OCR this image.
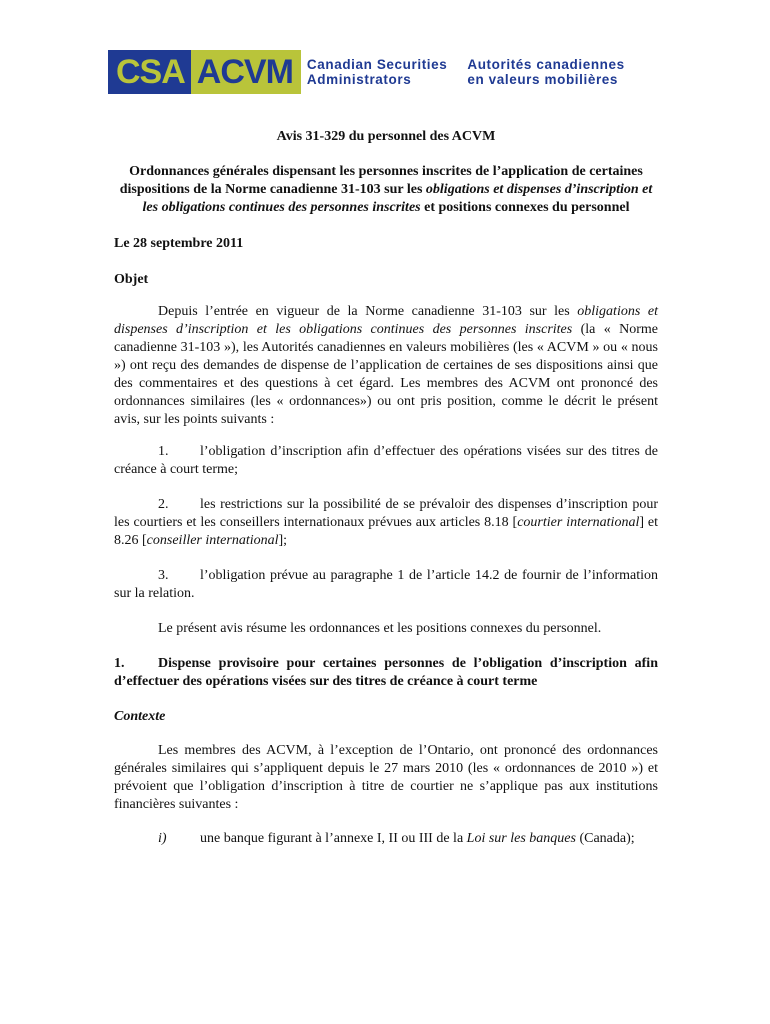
CSA ACVM	Canadian Securities
Administrators
Autorités canadiennes
en valeurs mobilières

Avis 31-329 du personnel des ACVM

Ordonnances générales dispensant les personnes inscrites de l’application de certaines dispositions de la Norme canadienne 31-103 sur les obligations et dispenses d’inscription et les obligations continues des personnes inscrites et positions connexes du personnel

Le 28 septembre 2011

Objet

Depuis l’entrée en vigueur de la Norme canadienne 31-103 sur les obligations et dispenses d’inscription et les obligations continues des personnes inscrites (la « Norme canadienne 31-103 »), les Autorités canadiennes en valeurs mobilières (les « ACVM » ou « nous ») ont reçu des demandes de dispense de l’application de certaines de ses dispositions ainsi que des commentaires et des questions à cet égard. Les membres des ACVM ont prononcé des ordonnances similaires (les « ordonnances») ou ont pris position, comme le décrit le présent avis, sur les points suivants :

1. l’obligation d’inscription afin d’effectuer des opérations visées sur des titres de créance à court terme;

2. les restrictions sur la possibilité de se prévaloir des dispenses d’inscription pour les courtiers et les conseillers internationaux prévues aux articles 8.18 [courtier international] et 8.26 [conseiller international];

3. l’obligation prévue au paragraphe 1 de l’article 14.2 de fournir de l’information sur la relation.

Le présent avis résume les ordonnances et les positions connexes du personnel.

1. Dispense provisoire pour certaines personnes de l’obligation d’inscription afin d’effectuer des opérations visées sur des titres de créance à court terme

Contexte

Les membres des ACVM, à l’exception de l’Ontario, ont prononcé des ordonnances générales similaires qui s’appliquent depuis le 27 mars 2010 (les « ordonnances de 2010 ») et prévoient que l’obligation d’inscription à titre de courtier ne s’applique pas aux institutions financières suivantes :

i) une banque figurant à l’annexe I, II ou III de la Loi sur les banques (Canada);
